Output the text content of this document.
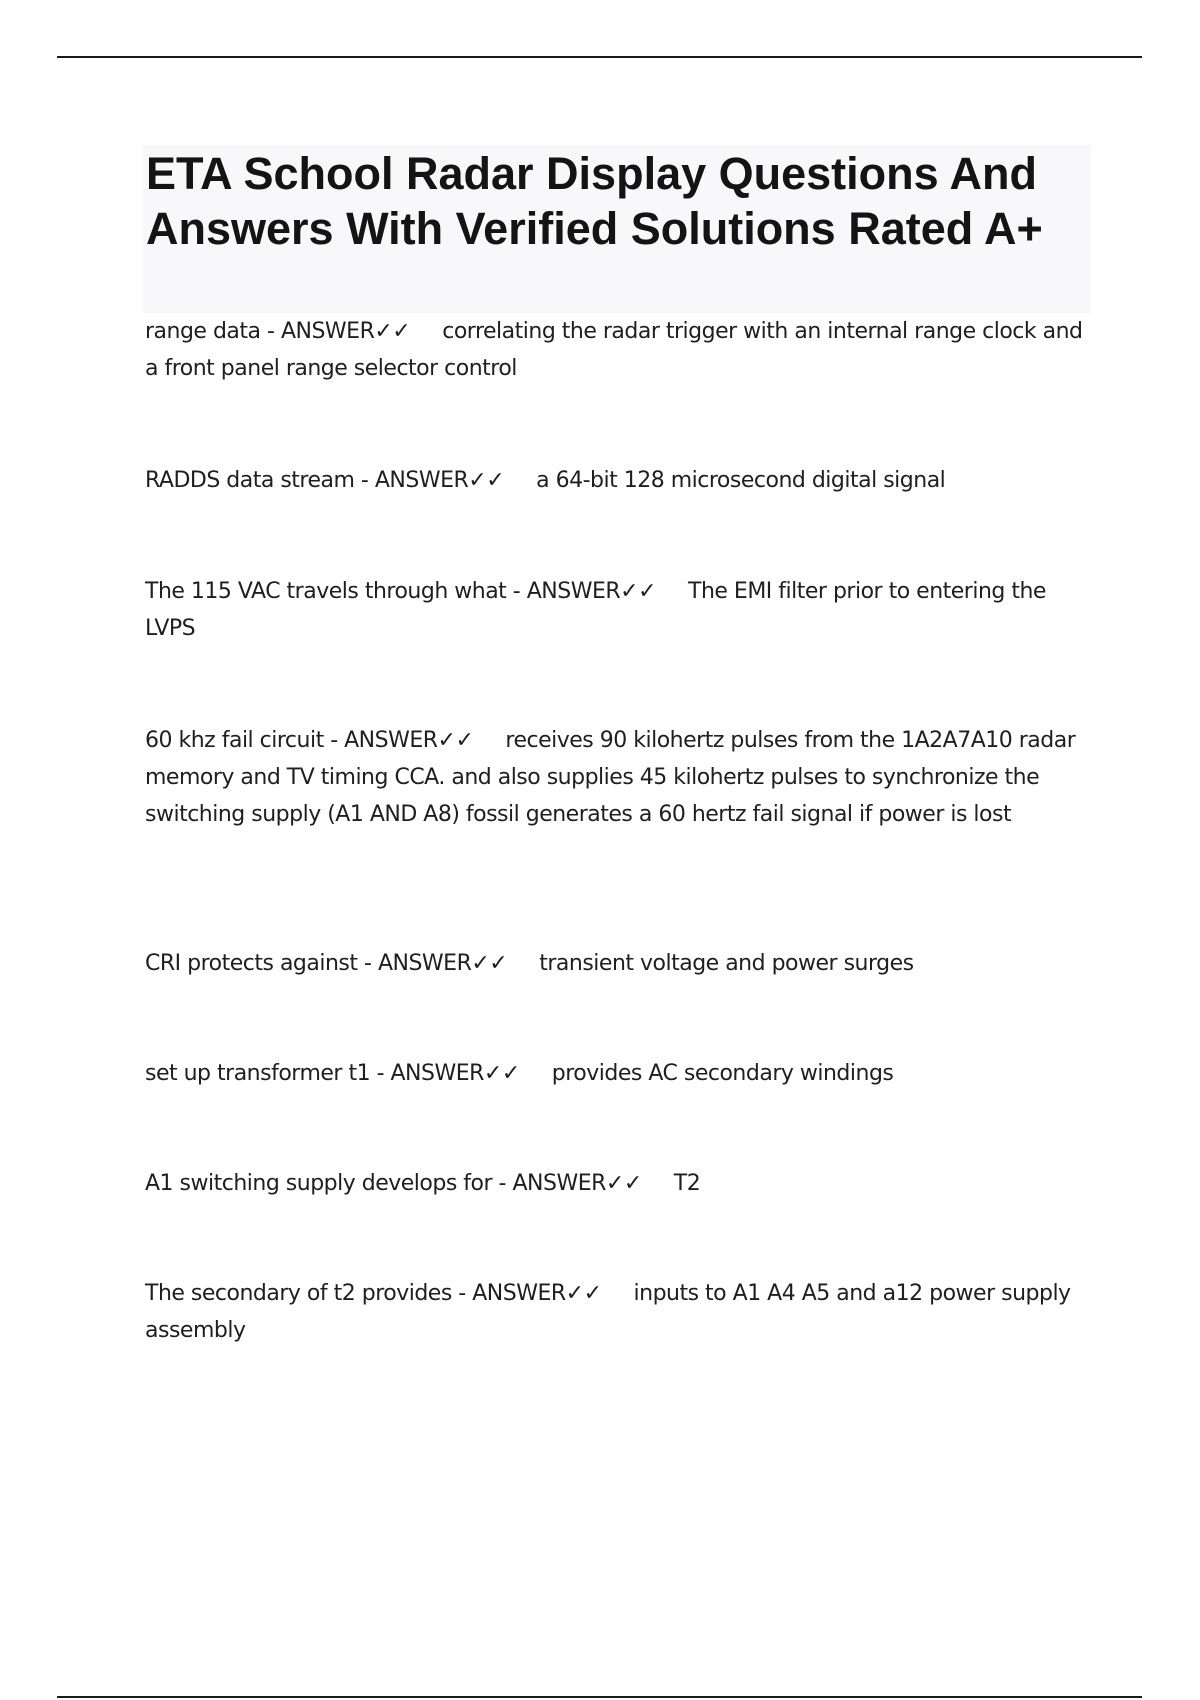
ETA School Radar Display Questions And Answers With Verified Solutions Rated A+

range data - ANSWER✓✓ correlating the radar trigger with an internal range clock and a front panel range selector control

RADDS data stream - ANSWER✓✓ a 64-bit 128 microsecond digital signal

The 115 VAC travels through what - ANSWER✓✓ The EMI filter prior to entering the LVPS

60 khz fail circuit - ANSWER✓✓ receives 90 kilohertz pulses from the 1A2A7A10 radar memory and TV timing CCA. and also supplies 45 kilohertz pulses to synchronize the switching supply (A1 AND A8) fossil generates a 60 hertz fail signal if power is lost

CRI protects against - ANSWER✓✓ transient voltage and power surges

set up transformer t1 - ANSWER✓✓ provides AC secondary windings

A1 switching supply develops for - ANSWER✓✓ T2

The secondary of t2 provides - ANSWER✓✓ inputs to A1 A4 A5 and a12 power supply assembly
